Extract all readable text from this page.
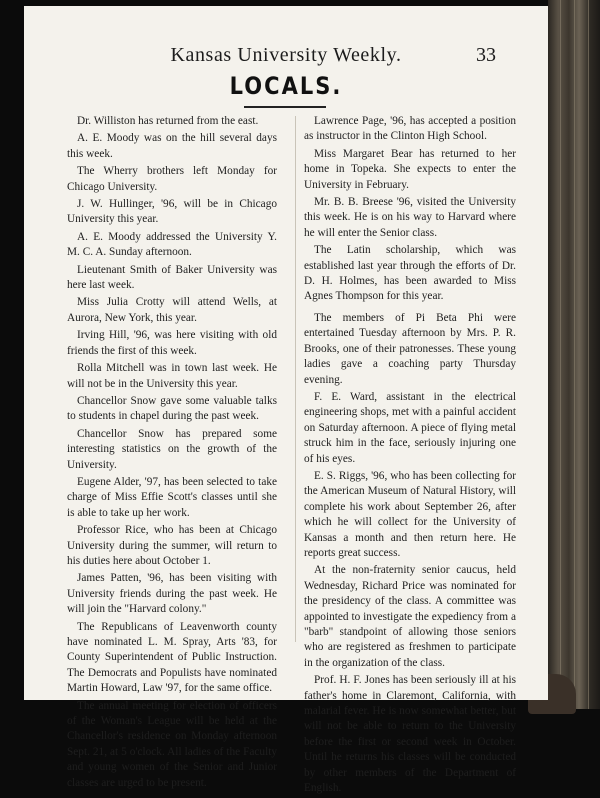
Kansas University Weekly.	33
LOCALS.

Dr. Williston has returned from the east.

A. E. Moody was on the hill several days this week.

The Wherry brothers left Monday for Chicago University.

J. W. Hullinger, '96, will be in Chicago University this year.

A. E. Moody addressed the University Y. M. C. A. Sunday afternoon.

Lieutenant Smith of Baker University was here last week.

Miss Julia Crotty will attend Wells, at Aurora, New York, this year.

Irving Hill, '96, was here visiting with old friends the first of this week.

Rolla Mitchell was in town last week. He will not be in the University this year.

Chancellor Snow gave some valuable talks to students in chapel during the past week.

Chancellor Snow has prepared some interesting statistics on the growth of the University.

Eugene Alder, '97, has been selected to take charge of Miss Effie Scott's classes until she is able to take up her work.

Professor Rice, who has been at Chicago University during the summer, will return to his duties here about October 1.

James Patten, '96, has been visiting with University friends during the past week. He will join the "Harvard colony."

The Republicans of Leavenworth county have nominated L. M. Spray, Arts '83, for County Superintendent of Public Instruction. The Democrats and Populists have nominated Martin Howard, Law '97, for the same office.

The annual meeting for election of officers of the Woman's League will be held at the Chancellor's residence on Monday afternoon Sept. 21, at 5 o'clock. All ladies of the Faculty and young women of the Senior and Junior classes are urged to be present.

Lawrence Page, '96, has accepted a position as instructor in the Clinton High School.

Miss Margaret Bear has returned to her home in Topeka. She expects to enter the University in February.

Mr. B. B. Breese '96, visited the University this week. He is on his way to Harvard where he will enter the Senior class.

The Latin scholarship, which was established last year through the efforts of Dr. D. H. Holmes, has been awarded to Miss Agnes Thompson for this year.

The members of Pi Beta Phi were entertained Tuesday afternoon by Mrs. P. R. Brooks, one of their patronesses. These young ladies gave a coaching party Thursday evening.

F. E. Ward, assistant in the electrical engineering shops, met with a painful accident on Saturday afternoon. A piece of flying metal struck him in the face, seriously injuring one of his eyes.

E. S. Riggs, '96, who has been collecting for the American Museum of Natural History, will complete his work about September 26, after which he will collect for the University of Kansas a month and then return here. He reports great success.

At the non-fraternity senior caucus, held Wednesday, Richard Price was nominated for the presidency of the class. A committee was appointed to investigate the expediency from a "barb" standpoint of allowing those seniors who are registered as freshmen to participate in the organization of the class.

Prof. H. F. Jones has been seriously ill at his father's home in Claremont, California, with malarial fever. He is now somewhat better, but will not be able to return to the University before the first or second week in October. Until he returns his classes will be conducted by other members of the Department of English.
